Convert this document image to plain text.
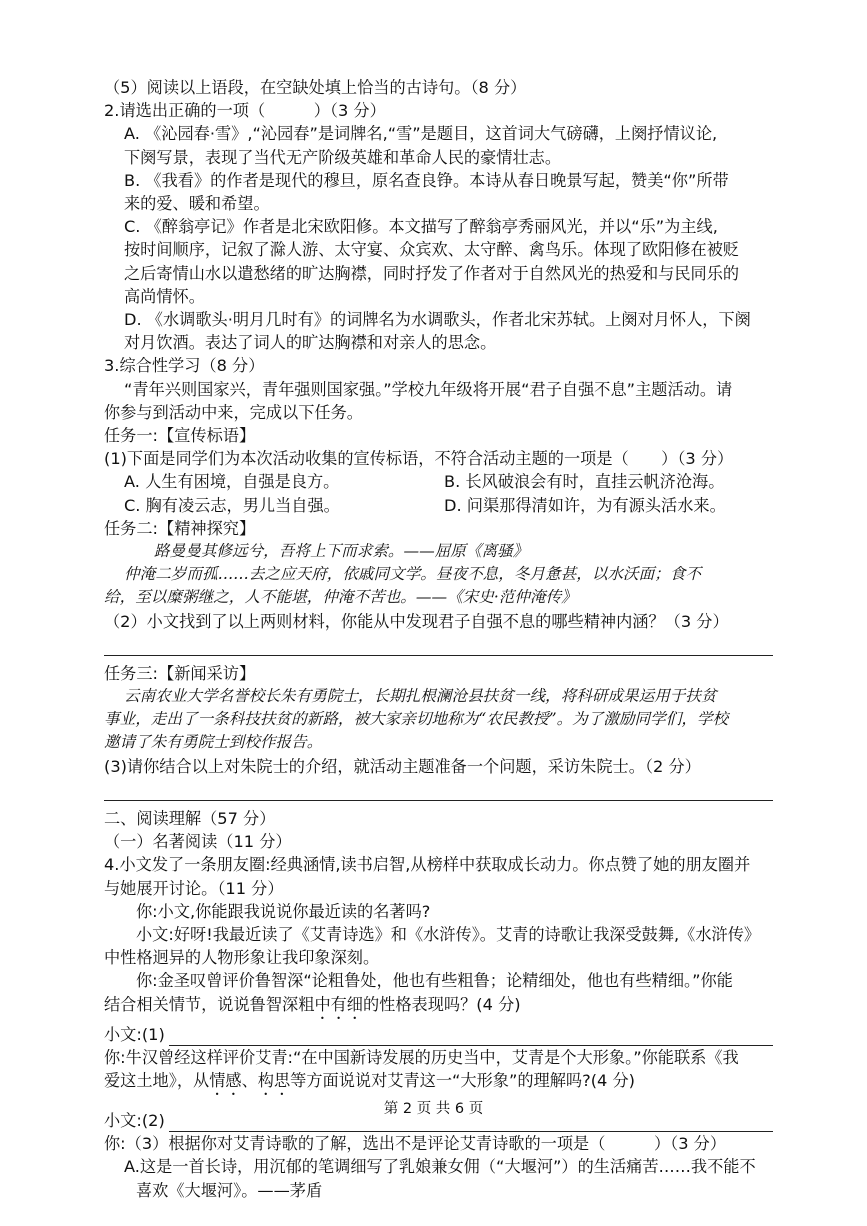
（5）阅读以上语段，在空缺处填上恰当的古诗句。（8 分）
2.请选出正确的一项（　　　）（3 分）
A. 《沁园春·雪》,“沁园春”是词牌名,“雪”是题目，这首词大气磅礴，上阕抒情议论,
下阕写景，表现了当代无产阶级英雄和革命人民的豪情壮志。
B. 《我看》的作者是现代的穆旦，原名查良铮。本诗从春日晚景写起，赞美“你”所带
来的爱、暖和希望。
C. 《醉翁亭记》作者是北宋欧阳修。本文描写了醉翁亭秀丽风光，并以“乐”为主线,
按时间顺序，记叙了滁人游、太守宴、众宾欢、太守醉、禽鸟乐。体现了欧阳修在被贬
之后寄情山水以遣愁绪的旷达胸襟，同时抒发了作者对于自然风光的热爱和与民同乐的
高尚情怀。
D. 《水调歌头·明月几时有》的词牌名为水调歌头，作者北宋苏轼。上阕对月怀人，下阕
对月饮酒。表达了词人的旷达胸襟和对亲人的思念。
3.综合性学习（8 分）
“青年兴则国家兴，青年强则国家强。”学校九年级将开展“君子自强不息”主题活动。请
你参与到活动中来，完成以下任务。
任务一:【宣传标语】
(1)下面是同学们为本次活动收集的宣传标语，不符合活动主题的一项是（　　）（3 分）
A. 人生有困境，自强是良方。	B. 长风破浪会有时，直挂云帆济沧海。
C. 胸有凌云志，男儿当自强。	D. 问渠那得清如许，为有源头活水来。
任务二:【精神探究】
路曼曼其修远兮，吾将上下而求索。——屈原《离骚》
仲淹二岁而孤……去之应天府，依戚同文学。昼夜不息，冬月惫甚，以水沃面；食不
给，至以糜粥继之，人不能堪，仲淹不苦也。——《宋史·范仲淹传》
（2）小文找到了以上两则材料，你能从中发现君子自强不息的哪些精神内涵？（3 分）
任务三:【新闻采访】
云南农业大学名誉校长朱有勇院士，长期扎根澜沧县扶贫一线，将科研成果运用于扶贫
事业，走出了一条科技扶贫的新路，被大家亲切地称为“农民教授”。为了激励同学们，学校
邀请了朱有勇院士到校作报告。
(3)请你结合以上对朱院士的介绍，就活动主题准备一个问题，采访朱院士。（2 分）
二、阅读理解（57 分）
（一）名著阅读（11 分）
4.小文发了一条朋友圈:经典涵情,读书启智,从榜样中获取成长动力。你点赞了她的朋友圈并
与她展开讨论。（11 分）
你:小文,你能跟我说说你最近读的名著吗?
小文:好呀!我最近读了《艾青诗选》和《水浒传》。艾青的诗歌让我深受鼓舞,《水浒传》
中性格迥异的人物形象让我印象深刻。
你:金圣叹曾评价鲁智深“论粗鲁处，他也有些粗鲁；论精细处，他也有些精细。”你能
结合相关情节，说说鲁智深粗中有细的性格表现吗？(4 分)
小文:(1)
你:牛汉曾经这样评价艾青:“在中国新诗发展的历史当中，艾青是个大形象。”你能联系《我
爱这土地》，从情感、构思等方面说说对艾青这一“大形象”的理解吗?(4 分)
小文:(2)
你:（3）根据你对艾青诗歌的了解，选出不是评论艾青诗歌的一项是（　　　）（3 分）
A.这是一首长诗，用沉郁的笔调细写了乳娘兼女佣（“大堰河”）的生活痛苦……我不能不
喜欢《大堰河》。——茅盾
第 2 页 共 6 页
